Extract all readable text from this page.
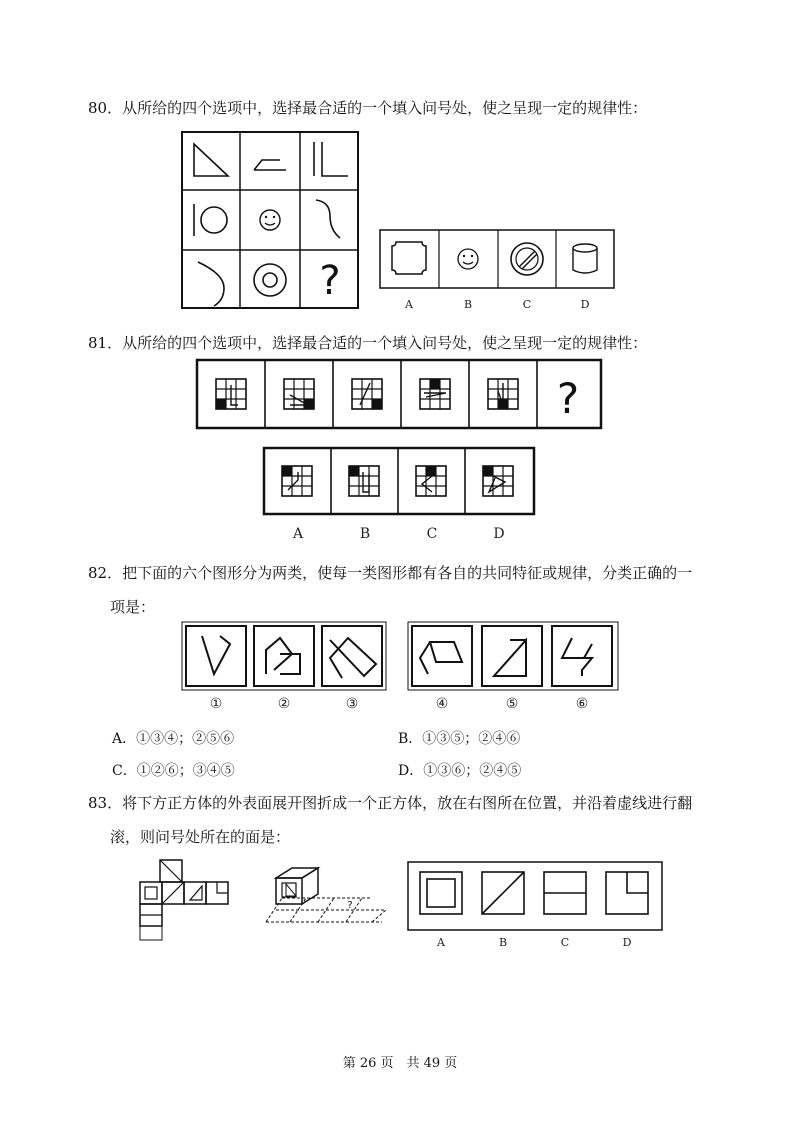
80．从所给的四个选项中，选择最合适的一个填入问号处，使之呈现一定的规律性：
?
A	B	C	D
81．从所给的四个选项中，选择最合适的一个填入问号处，使之呈现一定的规律性：
?
A	B	C	D
82．把下面的六个图形分为两类，使每一类图形都有各自的共同特征或规律，分类正确的一
项是：
①	②	③	④	⑤	⑥
A．①③④；②⑤⑥	B．①③⑤；②④⑥
C．①②⑥；③④⑤	D．①③⑥；②④⑤
83．将下方正方体的外表面展开图折成一个正方体，放在右图所在位置，并沿着虚线进行翻
滚，则问号处所在的面是：
?
A	B	C	D
第 26 页　共 49 页
